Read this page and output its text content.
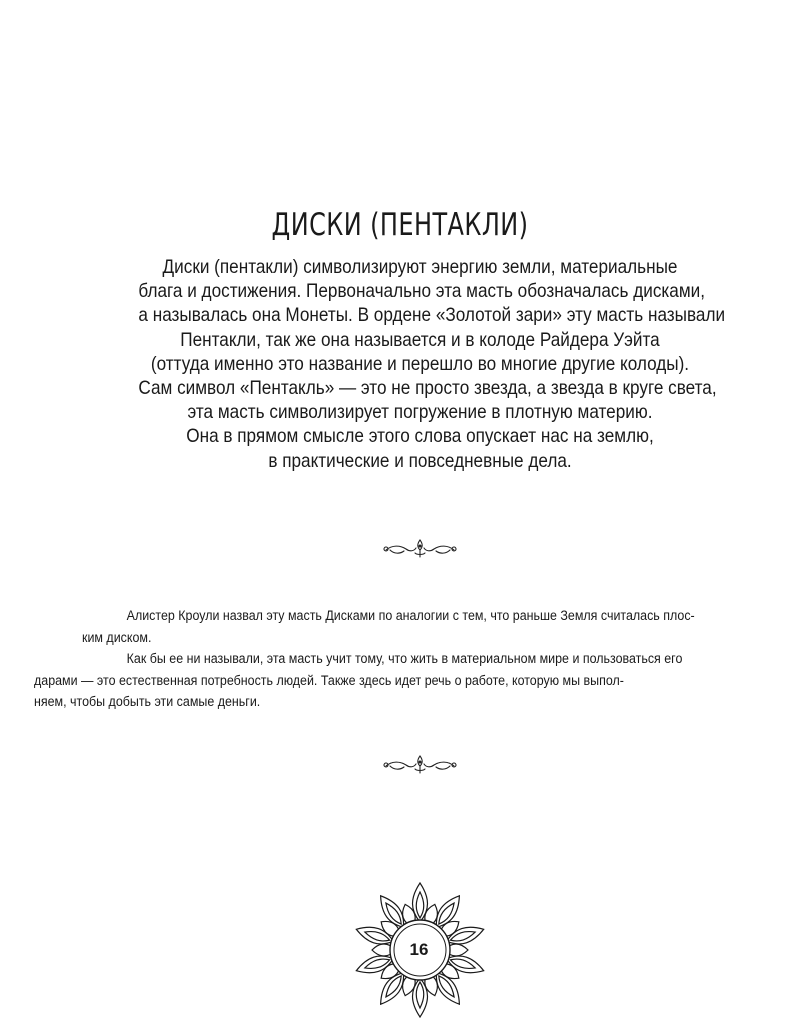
ДИСКИ (ПЕНТАКЛИ)
Диски (пентакли) символизируют энергию земли, материальные
блага и достижения. Первоначально эта масть обозначалась дисками,
а называлась она Монеты. В ордене «Золотой зари» эту масть называли
Пентакли, так же она называется и в колоде Райдера Уэйта
(оттуда именно это название и перешло во многие другие колоды).
Сам символ «Пентакль» — это не просто звезда, а звезда в круге света,
эта масть символизирует погружение в плотную материю.
Она в прямом смысле этого слова опускает нас на землю,
в практические и повседневные дела.

Алистер Кроули назвал эту масть Дисками по аналогии с тем, что раньше Земля считалась плос-
ким диском.

Как бы ее ни называли, эта масть учит тому, что жить в материальном мире и пользоваться его
дарами — это естественная потребность людей. Также здесь идет речь о работе, которую мы выпол-
няем, чтобы добыть эти самые деньги.

16
